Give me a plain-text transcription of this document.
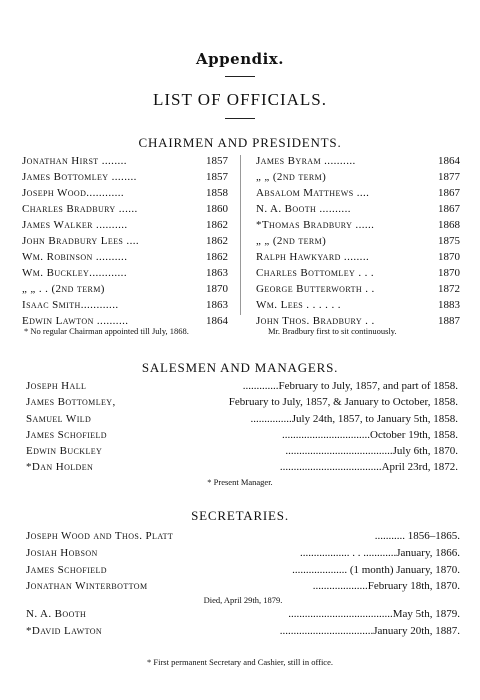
Appendix.
LIST OF OFFICIALS.
CHAIRMEN AND PRESIDENTS.
Jonathan Hirst ........	1857
James Bottomley ........	1857
Joseph Wood............	1858
Charles Bradbury ......	1860
James Walker ..........	1862
John Bradbury Lees ....	1862
Wm. Robinson ..........	1862
Wm. Buckley............	1863
„ „ . . (2nd term)	1870
Isaac Smith............	1863
Edwin Lawton ..........	1864
James Byram ..........	1864
„ „ (2nd term)	1877
Absalom Matthews ....	1867
N. A. Booth ..........	1867
*Thomas Bradbury ......	1868
„ „ (2nd term)	1875
Ralph Hawkyard ........	1870
Charles Bottomley . . .	1870
George Butterworth . .	1872
Wm. Lees . . . . . .	1883
John Thos. Bradbury . .	1887
* No regular Chairman appointed till July, 1868.	Mr. Bradbury first to sit continuously.
SALESMEN AND MANAGERS.
Joseph Hall	.............February to July, 1857, and part of 1858.
James Bottomley,	February to July, 1857, & January to October, 1858.
Samuel Wild	...............July 24th, 1857, to January 5th, 1858.
James Schofield	................................October 19th, 1858.
Edwin Buckley	.......................................July 6th, 1870.
*Dan Holden	.....................................April 23rd, 1872.
* Present Manager.
SECRETARIES.
Joseph Wood and Thos. Platt	........... 1856–1865.
Josiah Hobson	.................. . . ............January, 1866.
James Schofield	.................... (1 month) January, 1870.
Jonathan Winterbottom	....................February 18th, 1870.
Died, April 29th, 1879.
N. A. Booth	......................................May 5th, 1879.
*David Lawton	..................................January 20th, 1887.
* First permanent Secretary and Cashier, still in office.
